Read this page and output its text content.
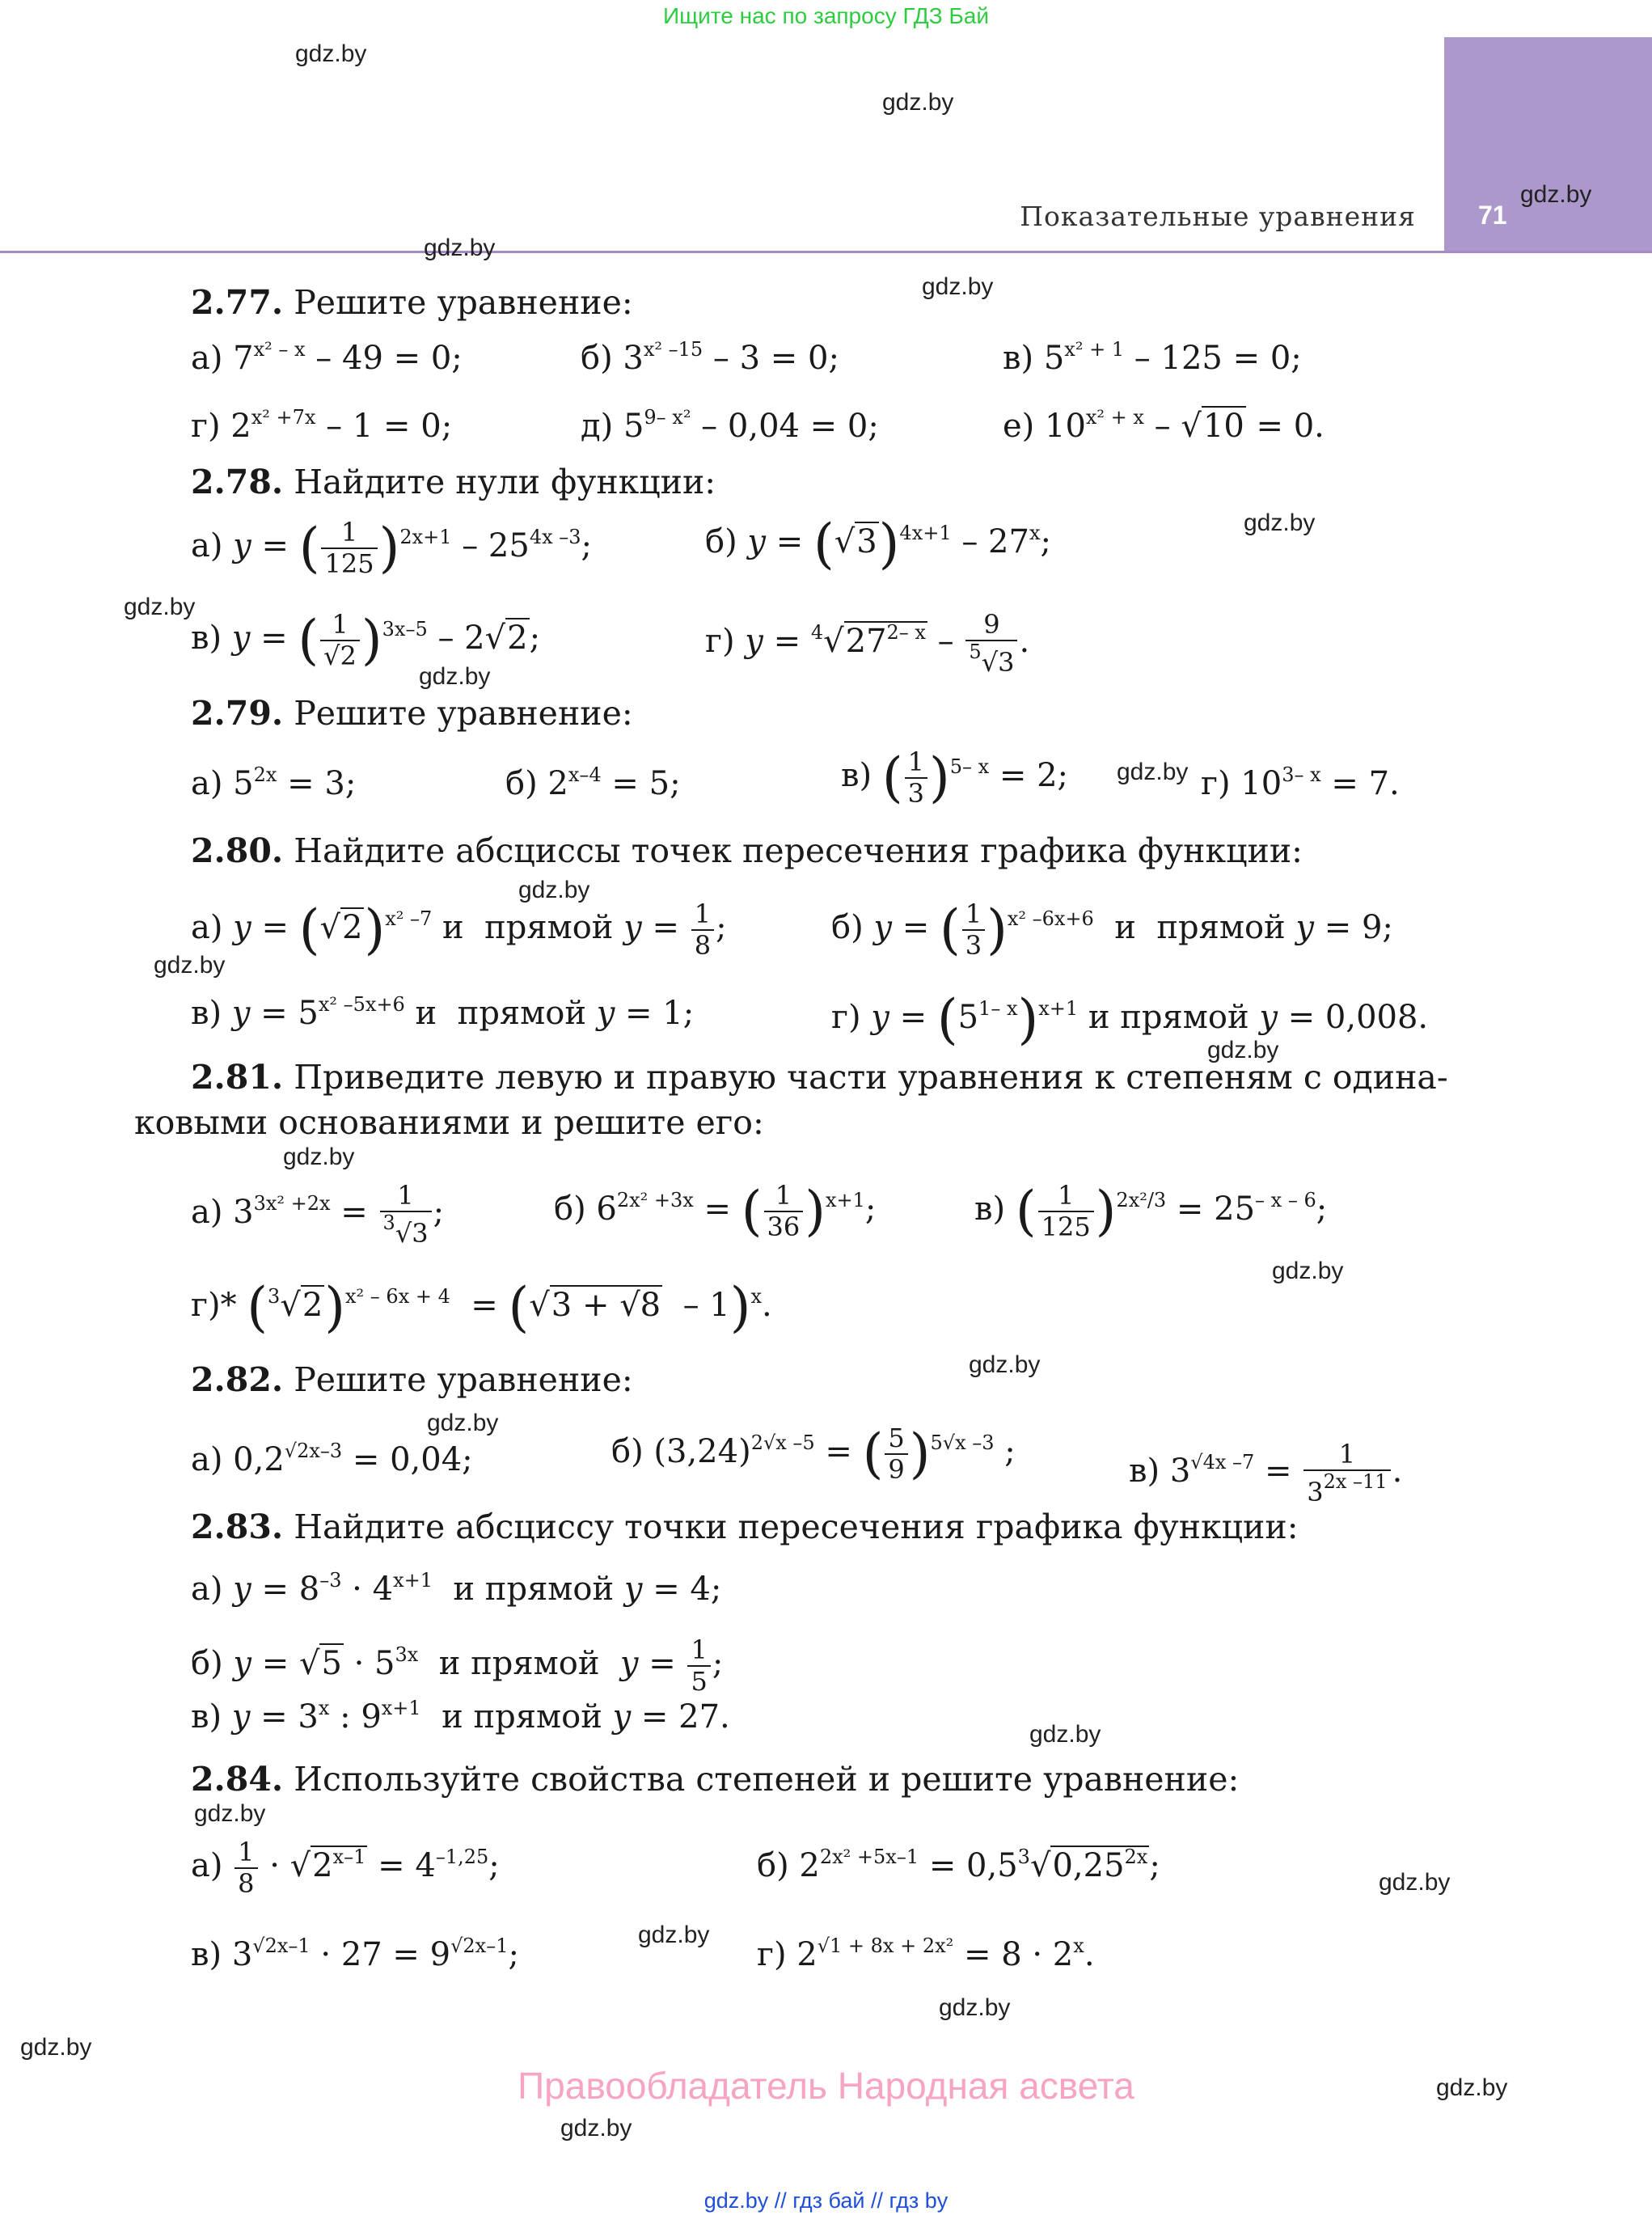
Ищите нас по запросу ГДЗ Бай
71
Показательные уравнения
gdz.by
gdz.by
gdz.by
gdz.by
gdz.by
gdz.by
gdz.by
gdz.by
gdz.by
gdz.by
gdz.by
gdz.by
gdz.by
gdz.by
gdz.by
gdz.by
gdz.by
gdz.by
gdz.by
gdz.by
gdz.by
gdz.by
gdz.by
gdz.by
2.77. Решите уравнение:
а) $7^{x^2 - x} - 49 = 0$;	б) $3^{x^2 -15} - 3 = 0$;	в) $5^{x^2 + 1} - 125 = 0$;
г) $2^{x^2 +7x} - 1 = 0$;	д) $5^{9- x^2} - 0,04 = 0$;	е) $10^{x^2 + x} - √10 = 0$.
2.78. Найдите нули функции:
а) y = ( $\frac{1}{125} )^{2x+1} - 25^{4x -3}$;	б) $y = (√3)^{4x+1} - 27^x$;
в) y = ( $\frac{1}{√2} )^{3x-5} - 2√2$;	г) $y = ^4√27^{2- x} - \frac{9}{^5√3}$ .
2.79. Решите уравнение:
а) $5^{2x} = 3$;	б) $2^{x-4} = 5$;	в) ( $\frac{1}{3} )^{5- x} = 2$;	г) $10^{3- x} = 7$.
2.80. Найдите абсциссы точек пересечения графика функции:
а) $y = (√2)^{x^2 -7}$ и прямой $y = \frac{1}{8}$ ;	б) y = ( $\frac{1}{3} )^{x^2 -6x+6}$ и прямой y = 9;
в) $y = 5^{x^2 -5x+6}$ и прямой y = 1;	г) $y = (5^{1- x})^{x+1}$ и прямой y = 0,008.
2.81. Приведите левую и правую части уравнения к степеням с одина-
ковыми основаниями и решите его:
а) $3^{3x^2 +2x} = \frac{1}{^3√3}$ ;	б) $6^{2x^2 +3x}$ = ( $\frac{1}{36} )^{x+1}$;	в) ( $\frac{1}{125} )^{2x^2/3} = 25^{- x - 6}$;
г)* $(^3√2)^{x^2 - 6x + 4} = (√3 + √8 - 1)^x$.
2.82. Решите уравнение:
а) $0,2^{√2x-3} = 0,04$;	б) $(3,24)^{2√x -5}$ = ( $\frac{5}{9} )^{5√x -3}$ ;
в) $3^{√4x -7} = \frac{1}{3^{2x -11}}$ .
2.83. Найдите абсциссу точки пересечения графика функции:
а) $y = 8^{-3} \cdot 4^{x+1}$ и прямой y = 4;
б) $y = √5 \cdot 5^{3x}$ и прямой $y = \frac{1}{5}$ ;
в) $y = 3^x$ : $9^{x+1}$ и прямой y = 27.
2.84. Используйте свойства степеней и решите уравнение:
$а) \frac{1}{8} \cdot √2^{x-1} = 4^{-1,25}$;	б) $2^{2x^2 +5x-1} = 0,5^3√0,25^{2x}$;
в) $3^{√2x-1} \cdot 27 = 9^{√2x-1}$;	г) $2^{√1 + 8x + 2x^2} = 8 \cdot 2^x$.
Правообладатель Народная асвета
gdz.by // гдз бай // гдз by
